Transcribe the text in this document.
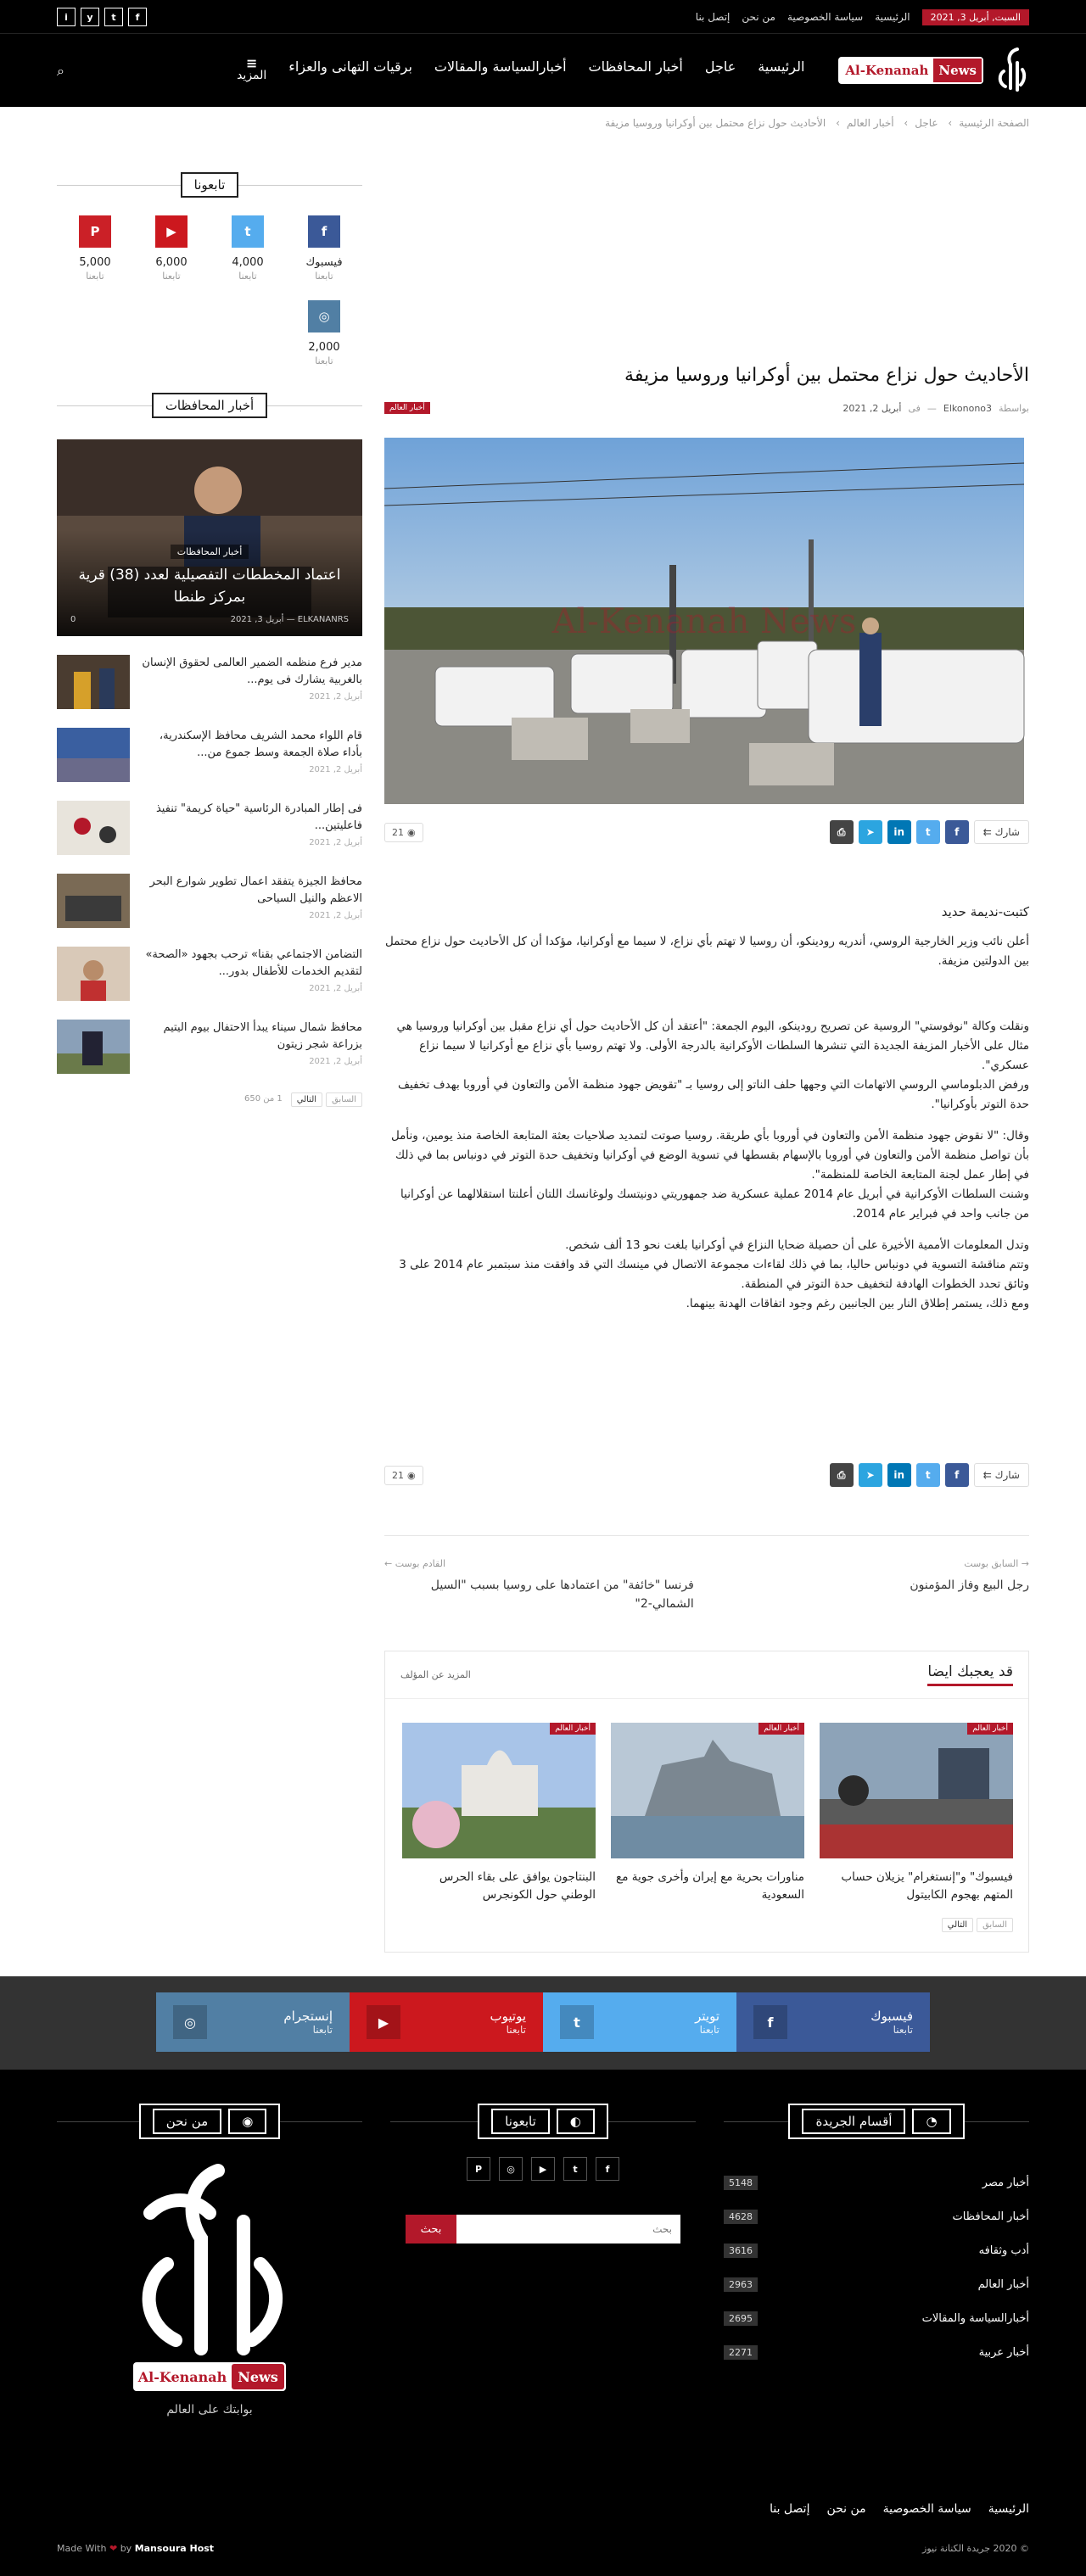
السبت, أبريل 3, 2021
الرئيسية
سياسة الخصوصية
من نحن
إتصل بنا
f
t
y
i
Al-Kenanah News
الرئيسية
عاجل
أخبار المحافظات
أخبارالسياسة والمقالات
برقيات التهانى والعزاء
≡
المزيد
⌕
الصفحة الرئيسية› عاجل› أخبار العالم› الأحاديث حول نزاع محتمل بين أوكرانيا وروسيا مزيفة
الأحاديث حول نزاع محتمل بين أوكرانيا وروسيا مزيفة
بواسطة
Elkonono3
—
فى
أبريل 2, 2021
أخبار العالم
Al-Kenanah News
شارك ⇇
f
t
in
➤
⎙
◉
21

كتبت-نديمة حديد

أعلن نائب وزير الخارجية الروسي، أندريه رودينكو، أن روسيا لا تهتم بأي نزاع، لا سيما مع أوكرانيا، مؤكدا أن كل الأحاديث حول نزاع محتمل بين الدولتين مزيفة.

ونقلت وكالة "نوفوستي" الروسية عن تصريح رودينكو، اليوم الجمعة: "أعتقد أن كل الأحاديث حول أي نزاع مقبل بين أوكرانيا وروسيا هي مثال على الأخبار المزيفة الجديدة التي تنشرها السلطات الأوكرانية بالدرجة الأولى. ولا تهتم روسيا بأي نزاع مع أوكرانيا لا سيما نزاع عسكري".
ورفض الدبلوماسي الروسي الاتهامات التي وجهها حلف الناتو إلى روسيا بـ "تقويض جهود منظمة الأمن والتعاون في أوروبا بهدف تخفيف حدة التوتر بأوكرانيا".

وقال: "لا نقوض جهود منظمة الأمن والتعاون في أوروبا بأي طريقة. روسيا صوتت لتمديد صلاحيات بعثة المتابعة الخاصة منذ يومين، ونأمل بأن تواصل منظمة الأمن والتعاون في أوروبا بالإسهام بقسطها في تسوية الوضع في أوكرانيا وتخفيف حدة التوتر في دونباس بما في ذلك في إطار عمل لجنة المتابعة الخاصة للمنظمة".
وشنت السلطات الأوكرانية في أبريل عام 2014 عملية عسكرية ضد جمهوريتي دونيتسك ولوغانسك اللتان أعلنتا استقلالهما عن أوكرانيا من جانب واحد في فبراير عام 2014.

وتدل المعلومات الأممية الأخيرة على أن حصيلة ضحايا النزاع في أوكرانيا بلغت نحو 13 ألف شخص.
وتتم مناقشة التسوية في دونباس حاليا، بما في ذلك لقاءات مجموعة الاتصال في مينسك التي قد وافقت منذ سبتمبر عام 2014 على 3 وثائق تحدد الخطوات الهادفة لتخفيف حدة التوتر في المنطقة.
ومع ذلك، يستمر إطلاق النار بين الجانبين رغم وجود اتفاقات الهدنة بينهما.

شارك ⇇
f
t
in
➤
⎙
◉
21
→ السابق بوست
رجل البيع وفاز المؤمنون
القادم بوست ←
فرنسا "خائفة" من اعتمادها على روسيا بسبب "السيل الشمالي-2"
قد يعجبك ايضا
المزيد عن المؤلف
أخبار العالم
فيسبوك" و"إنستغرام" يزيلان حساب المتهم بهجوم الكابيتول
أخبار العالم
مناورات بحرية مع إيران وأخرى جوية مع السعودية
أخبار العالم
البنتاجون يوافق على بقاء الحرس الوطني حول الكونجرس
السابق
التالي
تابعونا
f
فيسبوك
تابعنا
t
4,000
تابعنا
▶
6,000
تابعنا
P
5,000
تابعنا
◎
2,000
تابعنا
أخبار المحافظات
أخبار المحافظات
اعتماد المخططات التفصيلية لعدد (38) قرية بمركز طنطا
ELKANANRS — أبريل 3, 2021
0
مدير فرع منظمه الضمير العالمى لحقوق الإنسان بالغربية يشارك فى يوم...
أبريل 2, 2021
قام اللواء محمد الشريف محافظ الإسكندرية، بأداء صلاة الجمعة وسط جموع من...
أبريل 2, 2021
فى إطار المبادرة الرئاسية "حياة كريمة" تنفيذ فاعليتين...
أبريل 2, 2021
محافظ الجيزة يتفقد اعمال تطوير شوارع البحر الاعظم والنيل السياحى
أبريل 2, 2021
التضامن الاجتماعي بقنا» ترحب بجهود «الصحة» لتقديم الخدمات للأطفال بدور...
أبريل 2, 2021
محافظ شمال سيناء يبدأ الاحتفال بيوم اليتيم بزراعة شجر زيتون
أبريل 2, 2021
السابق
التالي
1 من 650
فيسبوك
تابعنا
f
تويتر
تابعنا
t
يوتيوب
تابعنا
▶
إنستجرام
تابعنا
◎
◔
أقسام الجريدة
أخبار مصر
5148
أخبار المحافظات
4628
أدب وثقافه
3616
أخبار العالم
2963
أخبارالسياسة والمقالات
2695
أخبار عربية
2271
◐
تابعونا
f
t
▶
◎
P
بحث
بحث
◉
من نحن
Al-Kenanah News
بوابتك على العالم
الرئيسية
سياسة الخصوصية
من نحن
إتصل بنا
© 2020 جريدة الكنانة نيوز
Made With ❤ by Mansoura Host
